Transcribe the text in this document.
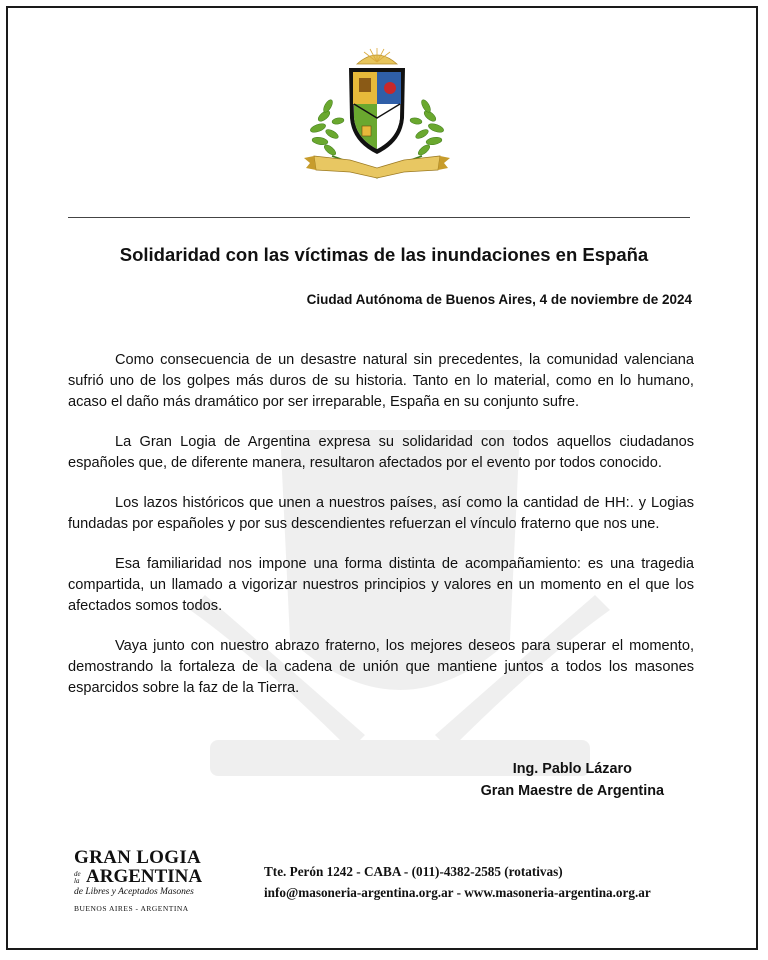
Solidaridad con las víctimas de las inundaciones en España
Ciudad Autónoma de Buenos Aires, 4 de noviembre de 2024

Como consecuencia de un desastre natural sin precedentes, la comunidad valenciana sufrió uno de los golpes más duros de su historia. Tanto en lo material, como en lo humano, acaso el daño más dramático por ser irreparable, España en su conjunto sufre.

La Gran Logia de Argentina expresa su solidaridad con todos aquellos ciudadanos españoles que, de diferente manera, resultaron afectados por el evento por todos conocido.

Los lazos históricos que unen a nuestros países, así como la cantidad de HH:. y Logias fundadas por españoles y por sus descendientes refuerzan el vínculo fraterno que nos une.

Esa familiaridad nos impone una forma distinta de acompañamiento: es una tragedia compartida, un llamado a vigorizar nuestros principios y valores en un momento en el que los afectados somos todos.

Vaya junto con nuestro abrazo fraterno, los mejores deseos para superar el momento, demostrando la fortaleza de la cadena de unión que mantiene juntos a todos los masones esparcidos sobre la faz de la Tierra.

Ing. Pablo Lázaro
Gran Maestre de Argentina
GRAN LOGIA
de la ARGENTINA
de Libres y Aceptados Masones
BUENOS AIRES - ARGENTINA
Tte. Perón 1242 - CABA - (011)-4382-2585 (rotativas)
info@masoneria-argentina.org.ar - www.masoneria-argentina.org.ar
